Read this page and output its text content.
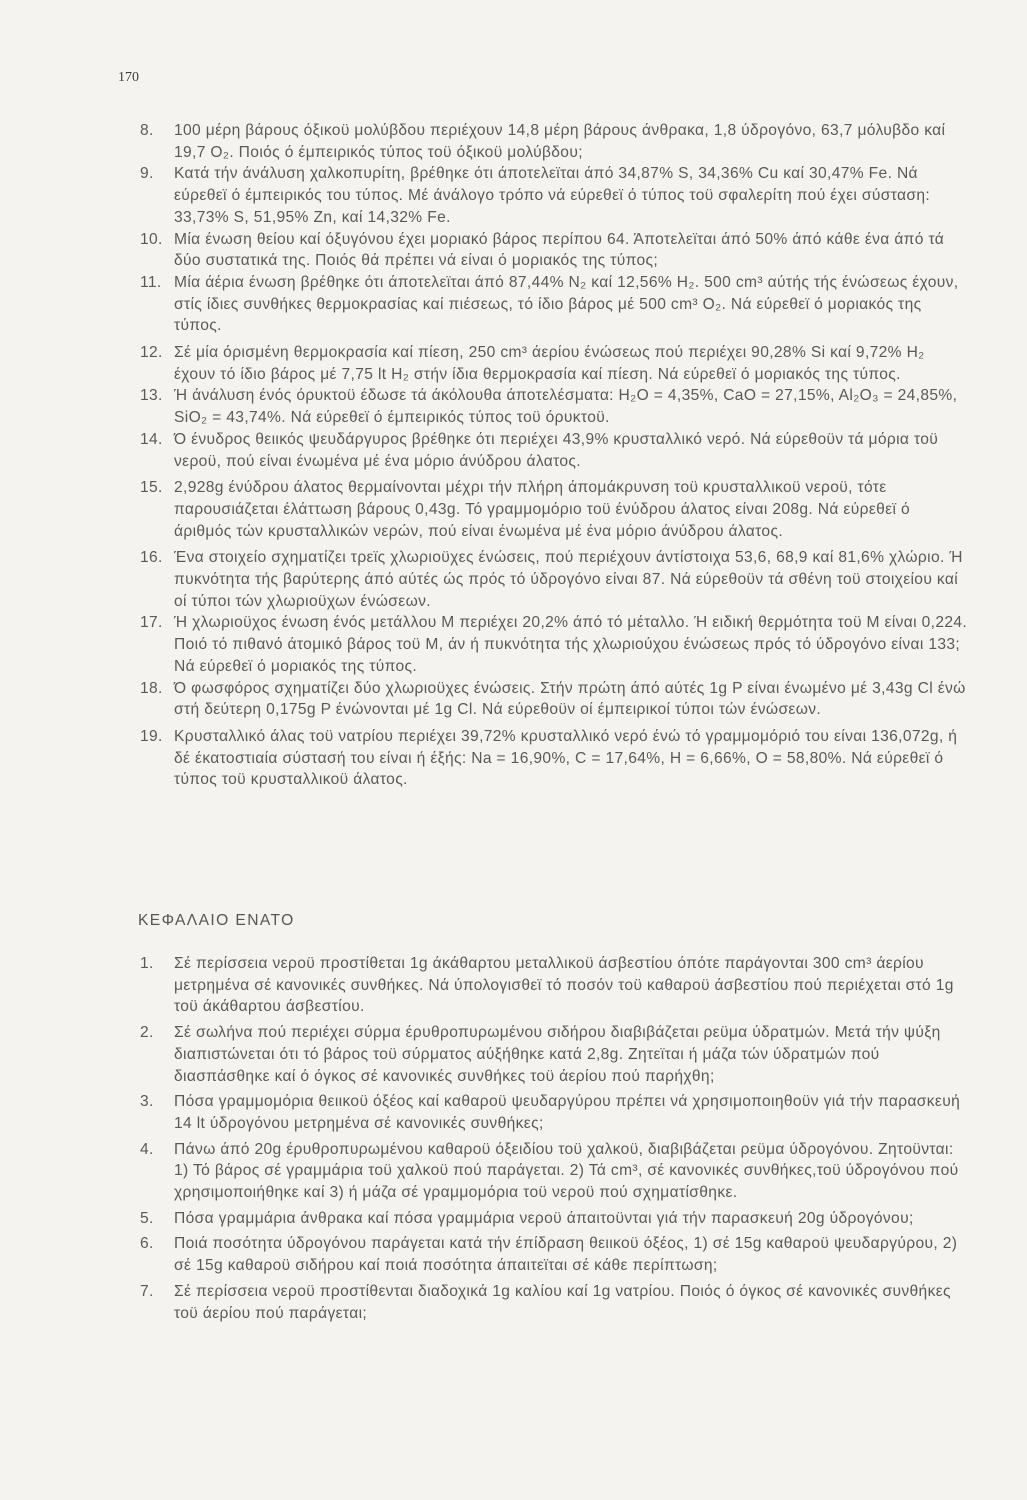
170
8. 100 μέρη βάρους όξικοϋ μολύβδου περιέχουν 14,8 μέρη βάρους άνθρακα, 1,8 ύδρογόνο, 63,7 μόλυβδο καί 19,7 Ο₂. Ποιός ό έμπειρικός τύπος τοϋ όξικοϋ μολύβδου;
9. Κατά τήν άνάλυση χαλκοπυρίτη, βρέθηκε ότι άποτελεϊται άπό 34,87% S, 34,36% Cu καί 30,47% Fe. Νά εύρεθεϊ ό έμπειρικός του τύπος. Μέ άνάλογο τρόπο νά εύρεθεϊ ό τύπος τοϋ σφαλερίτη πού έχει σύσταση: 33,73% S, 51,95% Zn, καί 14,32% Fe.
10. Μία ένωση θείου καί όξυγόνου έχει μοριακό βάρος περίπου 64. Άποτελεϊται άπό 50% άπό κάθε ένα άπό τά δύο συστατικά της. Ποιός θά πρέπει νά είναι ό μοριακός της τύπος;
11. Μία άέρια ένωση βρέθηκε ότι άποτελεϊται άπό 87,44% Ν₂ καί 12,56% Η₂. 500 cm³ αύτής τής ένώσεως έχουν, στίς ίδιες συνθήκες θερμοκρασίας καί πιέσεως, τό ίδιο βάρος μέ 500 cm³ Ο₂. Νά εύρεθεϊ ό μοριακός της τύπος.
12. Σέ μία όρισμένη θερμοκρασία καί πίεση, 250 cm³ άερίου ένώσεως πού περιέχει 90,28% Si καί 9,72% Η₂ έχουν τό ίδιο βάρος μέ 7,75 lt Η₂ στήν ίδια θερμοκρασία καί πίεση. Νά εύρεθεϊ ό μοριακός της τύπος.
13. Ή άνάλυση ένός όρυκτοϋ έδωσε τά άκόλουθα άποτελέσματα: Η₂Ο = 4,35%, CaO = 27,15%, Al₂O₃ = 24,85%, SiO₂ = 43,74%. Νά εύρεθεϊ ό έμπειρικός τύπος τοϋ όρυκτοϋ.
14. Ό ένυδρος θειικός ψευδάργυρος βρέθηκε ότι περιέχει 43,9% κρυσταλλικό νερό. Νά εύρεθοϋν τά μόρια τοϋ νεροϋ, πού είναι ένωμένα μέ ένα μόριο άνύδρου άλατος.
15. 2,928g ένύδρου άλατος θερμαίνονται μέχρι τήν πλήρη άπομάκρυνση τοϋ κρυσταλλικοϋ νεροϋ, τότε παρουσιάζεται έλάττωση βάρους 0,43g. Τό γραμμομόριο τοϋ ένύδρου άλατος είναι 208g. Νά εύρεθεϊ ό άριθμός τών κρυσταλλικών νερών, πού είναι ένωμένα μέ ένα μόριο άνύδρου άλατος.
16. Ένα στοιχείο σχηματίζει τρεϊς χλωριοϋχες ένώσεις, πού περιέχουν άντίστοιχα 53,6, 68,9 καί 81,6% χλώριο. Ή πυκνότητα τής βαρύτερης άπό αύτές ώς πρός τό ύδρογόνο είναι 87. Νά εύρεθοϋν τά σθένη τοϋ στοιχείου καί οί τύποι τών χλωριοϋχων ένώσεων.
17. Ή χλωριοϋχος ένωση ένός μετάλλου Μ περιέχει 20,2% άπό τό μέταλλο. Ή ειδική θερμότητα τοϋ Μ είναι 0,224. Ποιό τό πιθανό άτομικό βάρος τοϋ Μ, άν ή πυκνότητα τής χλωριούχου ένώσεως πρός τό ύδρογόνο είναι 133; Νά εύρεθεϊ ό μοριακός της τύπος.
18. Ό φωσφόρος σχηματίζει δύο χλωριοϋχες ένώσεις. Στήν πρώτη άπό αύτές 1g Ρ είναι ένωμένο μέ 3,43g Cl ένώ στή δεύτερη 0,175g Ρ ένώνονται μέ 1g Cl. Νά εύρεθοϋν οί έμπειρικοί τύποι τών ένώσεων.
19. Κρυσταλλικό άλας τοϋ νατρίου περιέχει 39,72% κρυσταλλικό νερό ένώ τό γραμμομόριό του είναι 136,072g, ή δέ έκατοστιαία σύστασή του είναι ή έξής: Na = 16,90%, C = 17,64%, Η = 6,66%, Ο = 58,80%. Νά εύρεθεϊ ό τύπος τοϋ κρυσταλλικοϋ άλατος.
ΚΕΦΑΛΑΙΟ ΕΝΑΤΟ
1. Σέ περίσσεια νεροϋ προστίθεται 1g άκάθαρτου μεταλλικοϋ άσβεστίου όπότε παράγονται 300 cm³ άερίου μετρημένα σέ κανονικές συνθήκες. Νά ύπολογισθεϊ τό ποσόν τοϋ καθαροϋ άσβεστίου πού περιέχεται στό 1g τοϋ άκάθαρτου άσβεστίου.
2. Σέ σωλήνα πού περιέχει σύρμα έρυθροπυρωμένου σιδήρου διαβιβάζεται ρεϋμα ύδρατμών. Μετά τήν ψύξη διαπιστώνεται ότι τό βάρος τοϋ σύρματος αύξήθηκε κατά 2,8g. Ζητεϊται ή μάζα τών ύδρατμών πού διασπάσθηκε καί ό όγκος σέ κανονικές συνθήκες τοϋ άερίου πού παρήχθη;
3. Πόσα γραμμομόρια θειικοϋ όξέος καί καθαροϋ ψευδαργύρου πρέπει νά χρησιμοποιηθοϋν γιά τήν παρασκευή 14 lt ύδρογόνου μετρημένα σέ κανονικές συνθήκες;
4. Πάνω άπό 20g έρυθροπυρωμένου καθαροϋ όξειδίου τοϋ χαλκοϋ, διαβιβάζεται ρεϋμα ύδρογόνου. Ζητοϋνται: 1) Τό βάρος σέ γραμμάρια τοϋ χαλκοϋ πού παράγεται. 2) Τά cm³, σέ κανονικές συνθήκες,τοϋ ύδρογόνου πού χρησιμοποιήθηκε καί 3) ή μάζα σέ γραμμομόρια τοϋ νεροϋ πού σχηματίσθηκε.
5. Πόσα γραμμάρια άνθρακα καί πόσα γραμμάρια νεροϋ άπαιτοϋνται γιά τήν παρασκευή 20g ύδρογόνου;
6. Ποιά ποσότητα ύδρογόνου παράγεται κατά τήν έπίδραση θειικοϋ όξέος, 1) σέ 15g καθαροϋ ψευδαργύρου, 2) σέ 15g καθαροϋ σιδήρου καί ποιά ποσότητα άπαιτεϊται σέ κάθε περίπτωση;
7. Σέ περίσσεια νεροϋ προστίθενται διαδοχικά 1g καλίου καί 1g νατρίου. Ποιός ό όγκος σέ κανονικές συνθήκες τοϋ άερίου πού παράγεται;
